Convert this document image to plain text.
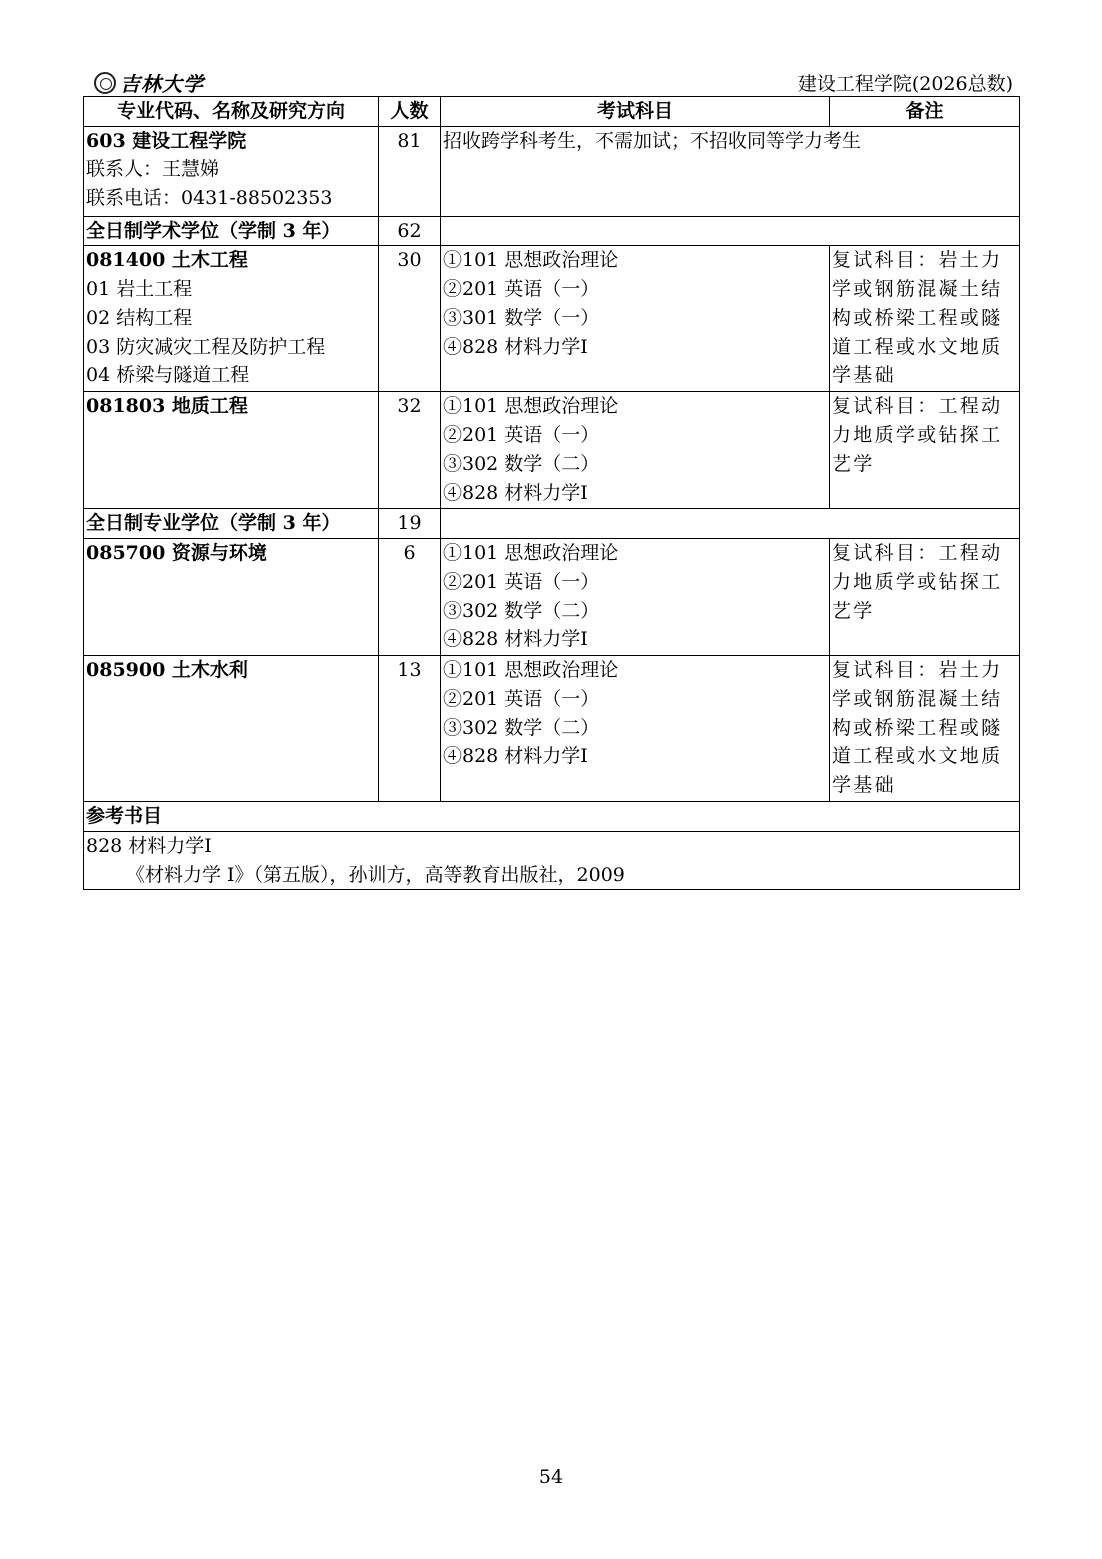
吉林大学	建设工程学院(2026总数)
专业代码、名称及研究方向	人数	考试科目	备注

603 建设工程学院
联系人：王慧娣
联系电话：0431-88502353	81	招收跨学科考生，不需加试；不招收同等学力考生	
全日制学术学位（学制 3 年）	62		

081400 土木工程
01 岩土工程
02 结构工程
03 防灾减灾工程及防护工程
04 桥梁与隧道工程	30	①101 思想政治理论
②201 英语（一）
③301 数学（一）
④828 材料力学Ⅰ	复试科目：岩土力学或钢筋混凝土结构或桥梁工程或隧道工程或水文地质学基础

081803 地质工程	32	①101 思想政治理论
②201 英语（一）
③302 数学（二）
④828 材料力学Ⅰ	复试科目：工程动力地质学或钻探工艺学
全日制专业学位（学制 3 年）	19		

085700 资源与环境	6	①101 思想政治理论
②201 英语（一）
③302 数学（二）
④828 材料力学Ⅰ	复试科目：工程动力地质学或钻探工艺学

085900 土木水利	13	①101 思想政治理论
②201 英语（一）
③302 数学（二）
④828 材料力学Ⅰ	复试科目：岩土力学或钢筋混凝土结构或桥梁工程或隧道工程或水文地质学基础
参考书目			

828 材料力学Ⅰ
《材料力学 I》（第五版），孙训方，高等教育出版社，2009			
54
